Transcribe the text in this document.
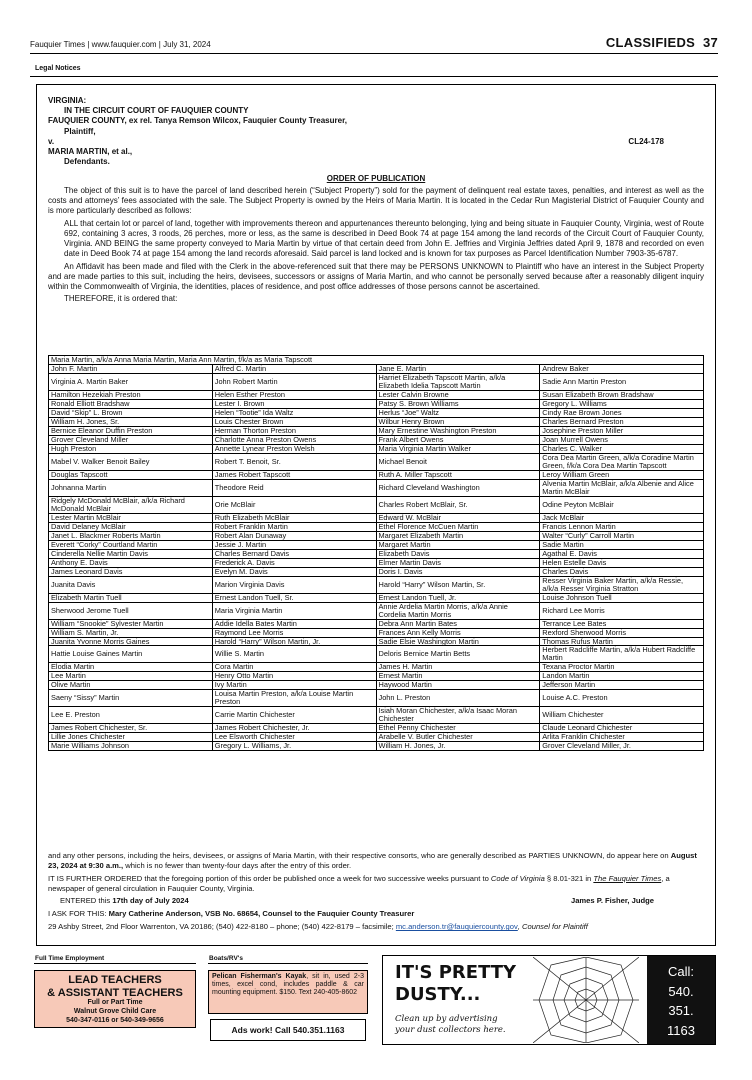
Fauquier Times | www.fauquier.com | July 31, 2024	CLASSIFIEDS 37
Legal Notices
VIRGINIA:
IN THE CIRCUIT COURT OF FAUQUIER COUNTY
FAUQUIER COUNTY, ex rel. Tanya Remson Wilcox, Fauquier County Treasurer,
Plaintiff,
v.	CL24-178
MARIA MARTIN, et al.,
Defendants.
ORDER OF PUBLICATION
The object of this suit is to have the parcel of land described herein (“Subject Property”) sold for the payment of delinquent real estate taxes, penalties, and interest as well as the costs and attorneys’ fees associated with the sale. The Subject Property is owned by the Heirs of Maria Martin. It is located in the Cedar Run Magisterial District of Fauquier County and is more particularly described as follows:
ALL that certain lot or parcel of land, together with improvements thereon and appurtenances thereunto belonging, lying and being situate in Fauquier County, Virginia, west of Route 692, containing 3 acres, 3 roods, 26 perches, more or less, as the same is described in Deed Book 74 at page 154 among the land records of the Circuit Court of Fauquier County, Virginia. AND BEING the same property conveyed to Maria Martin by virtue of that certain deed from John E. Jeffries and Virginia Jeffries dated April 9, 1878 and recorded on even date in Deed Book 74 at page 154 among the land records aforesaid. Said parcel is land locked and is known for tax purposes as Parcel Identification Number 7903-35-6787.
An Affidavit has been made and filed with the Clerk in the above-referenced suit that there may be PERSONS UNKNOWN to Plaintiff who have an interest in the Subject Property and are made parties to this suit, including the heirs, devisees, successors or assigns of Maria Martin, and who cannot be personally served because after a reasonably diligent inquiry within the Commonwealth of Virginia, the identities, places of residence, and post office addresses of those persons cannot be ascertained.
THEREFORE, it is ordered that:
Maria Martin, a/k/a Anna Maria Martin, Maria Ann Martin, f/k/a as Maria Tapscott			
John F. Martin	Alfred C. Martin	Jane E. Martin	Andrew Baker
Virginia A. Martin Baker	John Robert Martin	Harriet Elizabeth Tapscott Martin, a/k/a Elizabeth Idelia Tapscott Martin	Sadie Ann Martin Preston
Hamilton Hezekiah Preston	Helen Esther Preston	Lester Calvin Browne	Susan Elizabeth Brown Bradshaw
Ronald Elliott Bradshaw	Lester I. Brown	Patsy S. Brown Williams	Gregory L. Williams
David “Skip” L. Brown	Helen “Tootie” Ida Waltz	Herlus “Joe” Waltz	Cindy Rae Brown Jones
William H. Jones, Sr.	Louis Chester Brown	Wilbur Henry Brown	Charles Bernard Preston
Bernice Eleanor Duffin Preston	Herman Thorton Preston	Mary Ernestine Washington Preston	Josephine Preston Miller
Grover Cleveland Miller	Charlotte Anna Preston Owens	Frank Albert Owens	Joan Murrell Owens
Hugh Preston	Annette Lynear Preston Welsh	Maria Virginia Martin Walker	Charles C. Walker
Mabel V. Walker Benoit Bailey	Robert T. Benoit, Sr.	Michael Benoit	Cora Dea Martin Green, a/k/a Coradine Martin Green, f/k/a Cora Dea Martin Tapscott
Douglas Tapscott	James Robert Tapscott	Ruth A. Miller Tapscott	Leroy William Green
Johnanna Martin	Theodore Reid	Richard Cleveland Washington	Alvenia Martin McBlair, a/k/a Albenie and Alice Martin McBlair
Ridgely McDonald McBlair, a/k/a Richard McDonald McBlair	Orie McBlair	Charles Robert McBlair, Sr.	Odine Peyton McBlair
Lester Martin McBlair	Ruth Elizabeth McBlair	Edward W. McBlair	Jack McBlair
David Delaney McBlair	Robert Franklin Martin	Ethel Florence McCuen Martin	Francis Lennon Martin
Janet L. Blackmer Roberts Martin	Robert Alan Dunaway	Margaret Elizabeth Martin	Walter “Curly” Carroll Martin
Everett “Corky” Courtland Martin	Jessie J. Martin	Margaret Martin	Sadie Martin
Cinderella Nellie Martin Davis	Charles Bernard Davis	Elizabeth Davis	Agathal E. Davis
Anthony E. Davis	Frederick A. Davis	Elmer Martin Davis	Helen Estelle Davis
James Leonard Davis	Evelyn M. Davis	Doris I. Davis	Charles Davis
Juanita Davis	Marion Virginia Davis	Harold “Harry” Wilson Martin, Sr.	Resser Virginia Baker Martin, a/k/a Ressie, a/k/a Resser Virginia Stratton
Elizabeth Martin Tuell	Ernest Landon Tuell, Sr.	Ernest Landon Tuell, Jr.	Louise Johnson Tuell
Sherwood Jerome Tuell	Maria Virginia Martin	Annie Ardelia Martin Morris, a/k/a Annie Cordelia Martin Morris	Richard Lee Morris
William “Snookie” Sylvester Martin	Addie Idella Bates Martin	Debra Ann Martin Bates	Terrance Lee Bates
William S. Martin, Jr.	Raymond Lee Morris	Frances Ann Kelly Morris	Rexford Sherwood Morris
Juanita Yvonne Morris Gaines	Harold “Harry” Wilson Martin, Jr.	Sadie Elsie Washington Martin	Thomas Rufus Martin
Hattie Louise Gaines Martin	Willie S. Martin	Deloris Bernice Martin Betts	Herbert Radcliffe Martin, a/k/a Hubert Radcliffe Martin
Elodia Martin	Cora Martin	James H. Martin	Texana Proctor Martin
Lee Martin	Henry Otto Martin	Ernest Martin	Landon Martin
Olive Martin	Ivy Martin	Haywood Martin	Jefferson Martin
Saeny “Sissy” Martin	Louisa Martin Preston, a/k/a Louise Martin Preston	John L. Preston	Louise A.C. Preston
Lee E. Preston	Carrie Martin Chichester	Isiah Moran Chichester, a/k/a Isaac Moran Chichester	William Chichester
James Robert Chichester, Sr.	James Robert Chichester, Jr.	Ethel Penny Chichester	Claude Leonard Chichester
Lillie Jones Chichester	Lee Elsworth Chichester	Arabelle V. Butler Chichester	Arlita Franklin Chichester
Marie Williams Johnson	Gregory L. Williams, Jr.	William H. Jones, Jr.	Grover Cleveland Miller, Jr.

and any other persons, including the heirs, devisees, or assigns of Maria Martin, with their respective consorts, who are generally described as PARTIES UNKNOWN, do appear here on August 23, 2024 at 9:30 a.m., which is no fewer than twenty-four days after the entry of this order.

IT IS FURTHER ORDERED that the foregoing portion of this order be published once a week for two successive weeks pursuant to Code of Virginia § 8.01-321 in The Fauquier Times, a newspaper of general circulation in Fauquier County, Virginia.

ENTERED this 17th day of July 2024	James P. Fisher, Judge

I ASK FOR THIS: Mary Catherine Anderson, VSB No. 68654, Counsel to the Fauquier County Treasurer

29 Ashby Street, 2nd Floor Warrenton, VA 20186; (540) 422-8180 – phone; (540) 422-8179 – facsimile; mc.anderson.tr@fauquiercounty.gov, Counsel for Plaintiff

Full Time Employment	Boats/RV's
LEAD TEACHERS
& ASSISTANT TEACHERS
Full or Part Time
Walnut Grove Child Care
540-347-0116 or 540-349-9656
Pelican Fisherman's Kayak, sit in, used 2-3 times, excel cond, includes paddle & car mounting equipment. $150. Text 240-405-8602
Ads work! Call 540.351.1163
IT'S PRETTY
DUSTY...
Clean up by advertising
your dust collectors here.
Call:
540.
351.
1163
